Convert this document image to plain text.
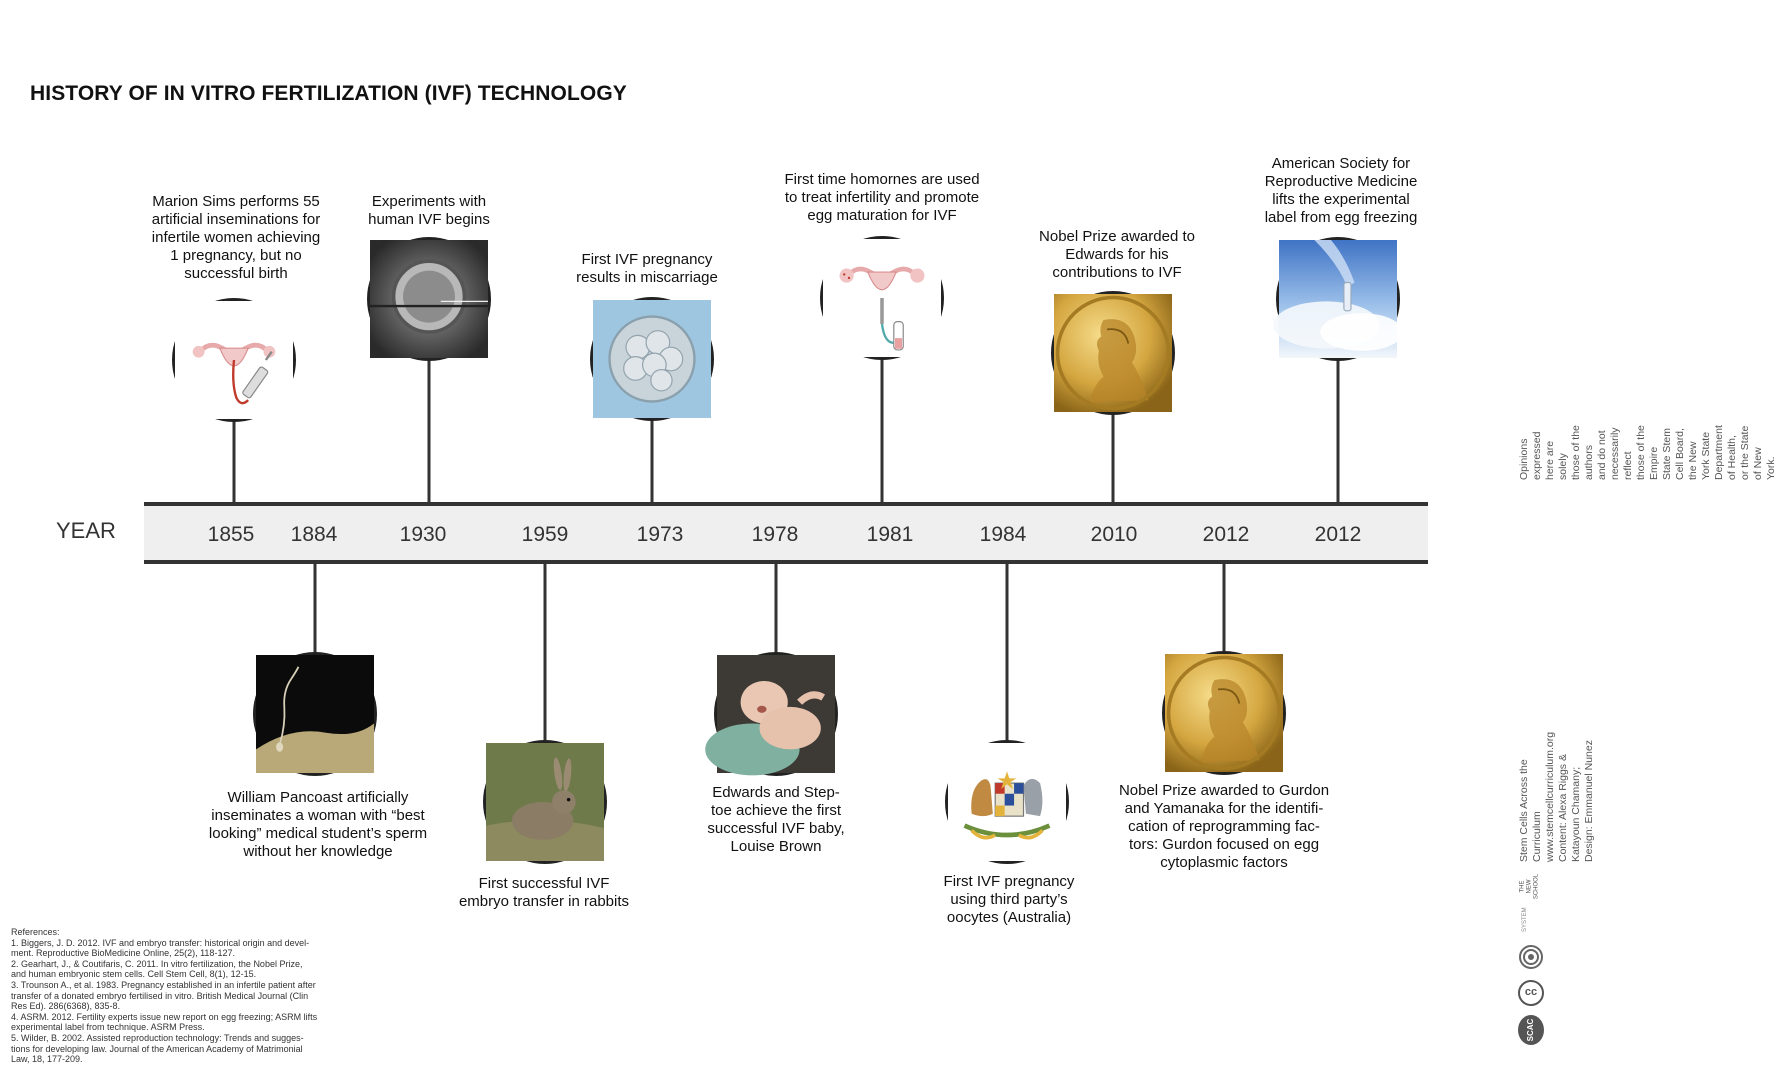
HISTORY OF IN VITRO FERTILIZATION (IVF) TECHNOLOGY
YEAR	1855 1884	1930	1959	1973	1978	1981	1984	2010	2012	2012
Marion Sims performs 55
artificial inseminations for
infertile women achieving
1 pregnancy, but no
successful birth
Experiments with
human IVF begins
First IVF pregnancy
results in miscarriage
First time homornes are used
to treat infertility and promote
egg maturation for IVF
Nobel Prize awarded to
Edwards for his
contributions to IVF
American Society for
Reproductive Medicine
lifts the experimental
label from egg freezing
William Pancoast artificially
inseminates a woman with “best
looking” medical student’s sperm
without her knowledge
First successful IVF
embryo transfer in rabbits
Edwards and Step-
toe achieve the first
successful IVF baby,
Louise Brown
First IVF pregnancy
using third party’s
oocytes (Australia)
Nobel Prize awarded to Gurdon
and Yamanaka for the identifi-
cation of reprogramming fac-
tors: Gurdon focused on egg
cytoplasmic factors
References:
1. Biggers, J. D. 2012. IVF and embryo transfer: historical origin and devel-
ment. Reproductive BioMedicine Online, 25(2), 118-127.
2. Gearhart, J., & Coutifaris, C. 2011. In vitro fertilization, the Nobel Prize,
and human embryonic stem cells. Cell Stem Cell, 8(1), 12-15.
3. Trounson A., et al. 1983. Pregnancy established in an infertile patient after
transfer of a donated embryo fertilised in vitro. British Medical Journal (Clin
Res Ed). 286(6368), 835-8.
4. ASRM. 2012. Fertility experts issue new report on egg freezing; ASRM lifts
experimental label from technique. ASRM Press.
5. Wilder, B. 2002. Assisted reproduction technology: Trends and sugges-
tions for developing law. Journal of the American Academy of Matrimonial
Law, 18, 177-209.
Opinions expressed here are solely those of the authors and do not necessarily reflect those of the
Empire State Stem Cell Board, the New York State Department of Health, or the State of New York.
Stem Cells Across the Curriculum www.stemcellcurriculum.org
Content: Alexa Riggs & Katayoun Chamany; Design: Emmanuel Nunez
THE
NEW
SCHOOL
SYSTEM
cc
SCAC
